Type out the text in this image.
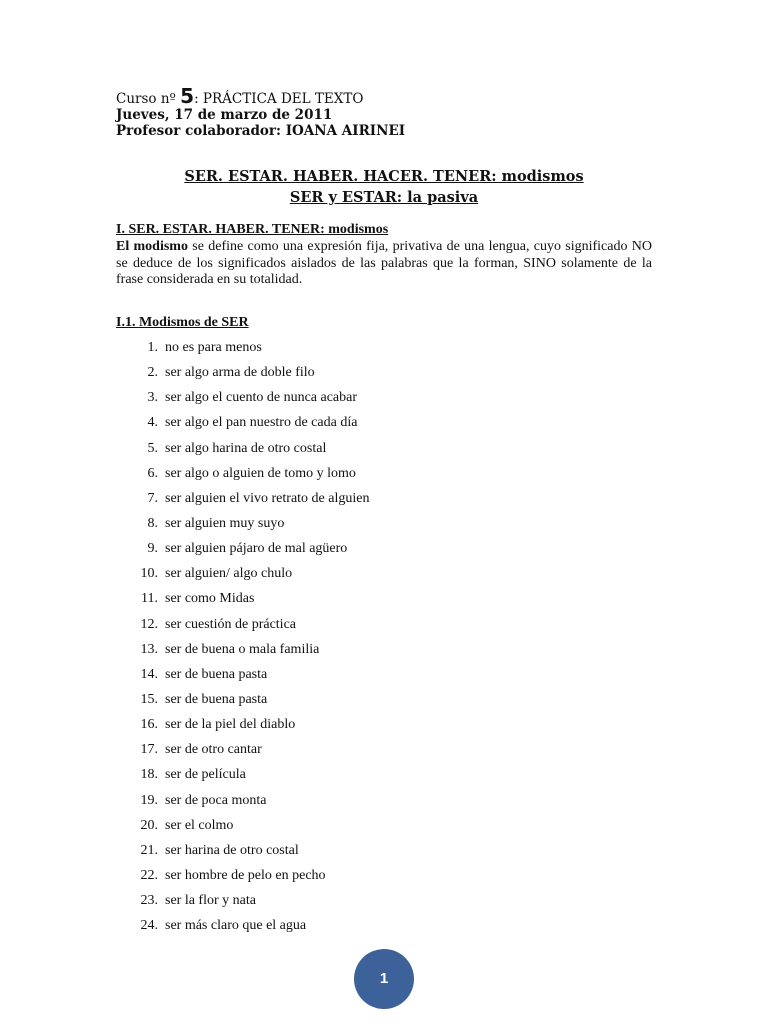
Curso nº 5: PRÁCTICA DEL TEXTO
Jueves, 17 de marzo de 2011
Profesor colaborador: IOANA AIRINEI
SER. ESTAR. HABER. HACER. TENER: modismos
SER y ESTAR: la pasiva
I. SER. ESTAR. HABER. TENER: modismos
El modismo se define como una expresión fija, privativa de una lengua, cuyo significado NO se deduce de los significados aislados de las palabras que la forman, SINO solamente de la frase considerada en su totalidad.
I.1. Modismos de SER
1. no es para menos
2. ser algo arma de doble filo
3. ser algo el cuento de nunca acabar
4. ser algo el pan nuestro de cada día
5. ser algo harina de otro costal
6. ser algo o alguien de tomo y lomo
7. ser alguien el vivo retrato de alguien
8. ser alguien muy suyo
9. ser alguien pájaro de mal agüero
10. ser alguien/ algo chulo
11. ser como Midas
12. ser cuestión de práctica
13. ser de buena o mala familia
14. ser de buena pasta
15. ser de buena pasta
16. ser de la piel del diablo
17. ser de otro cantar
18. ser de película
19. ser de poca monta
20. ser el colmo
21. ser harina de otro costal
22. ser hombre de pelo en pecho
23. ser la flor y nata
24. ser más claro que el agua
1
